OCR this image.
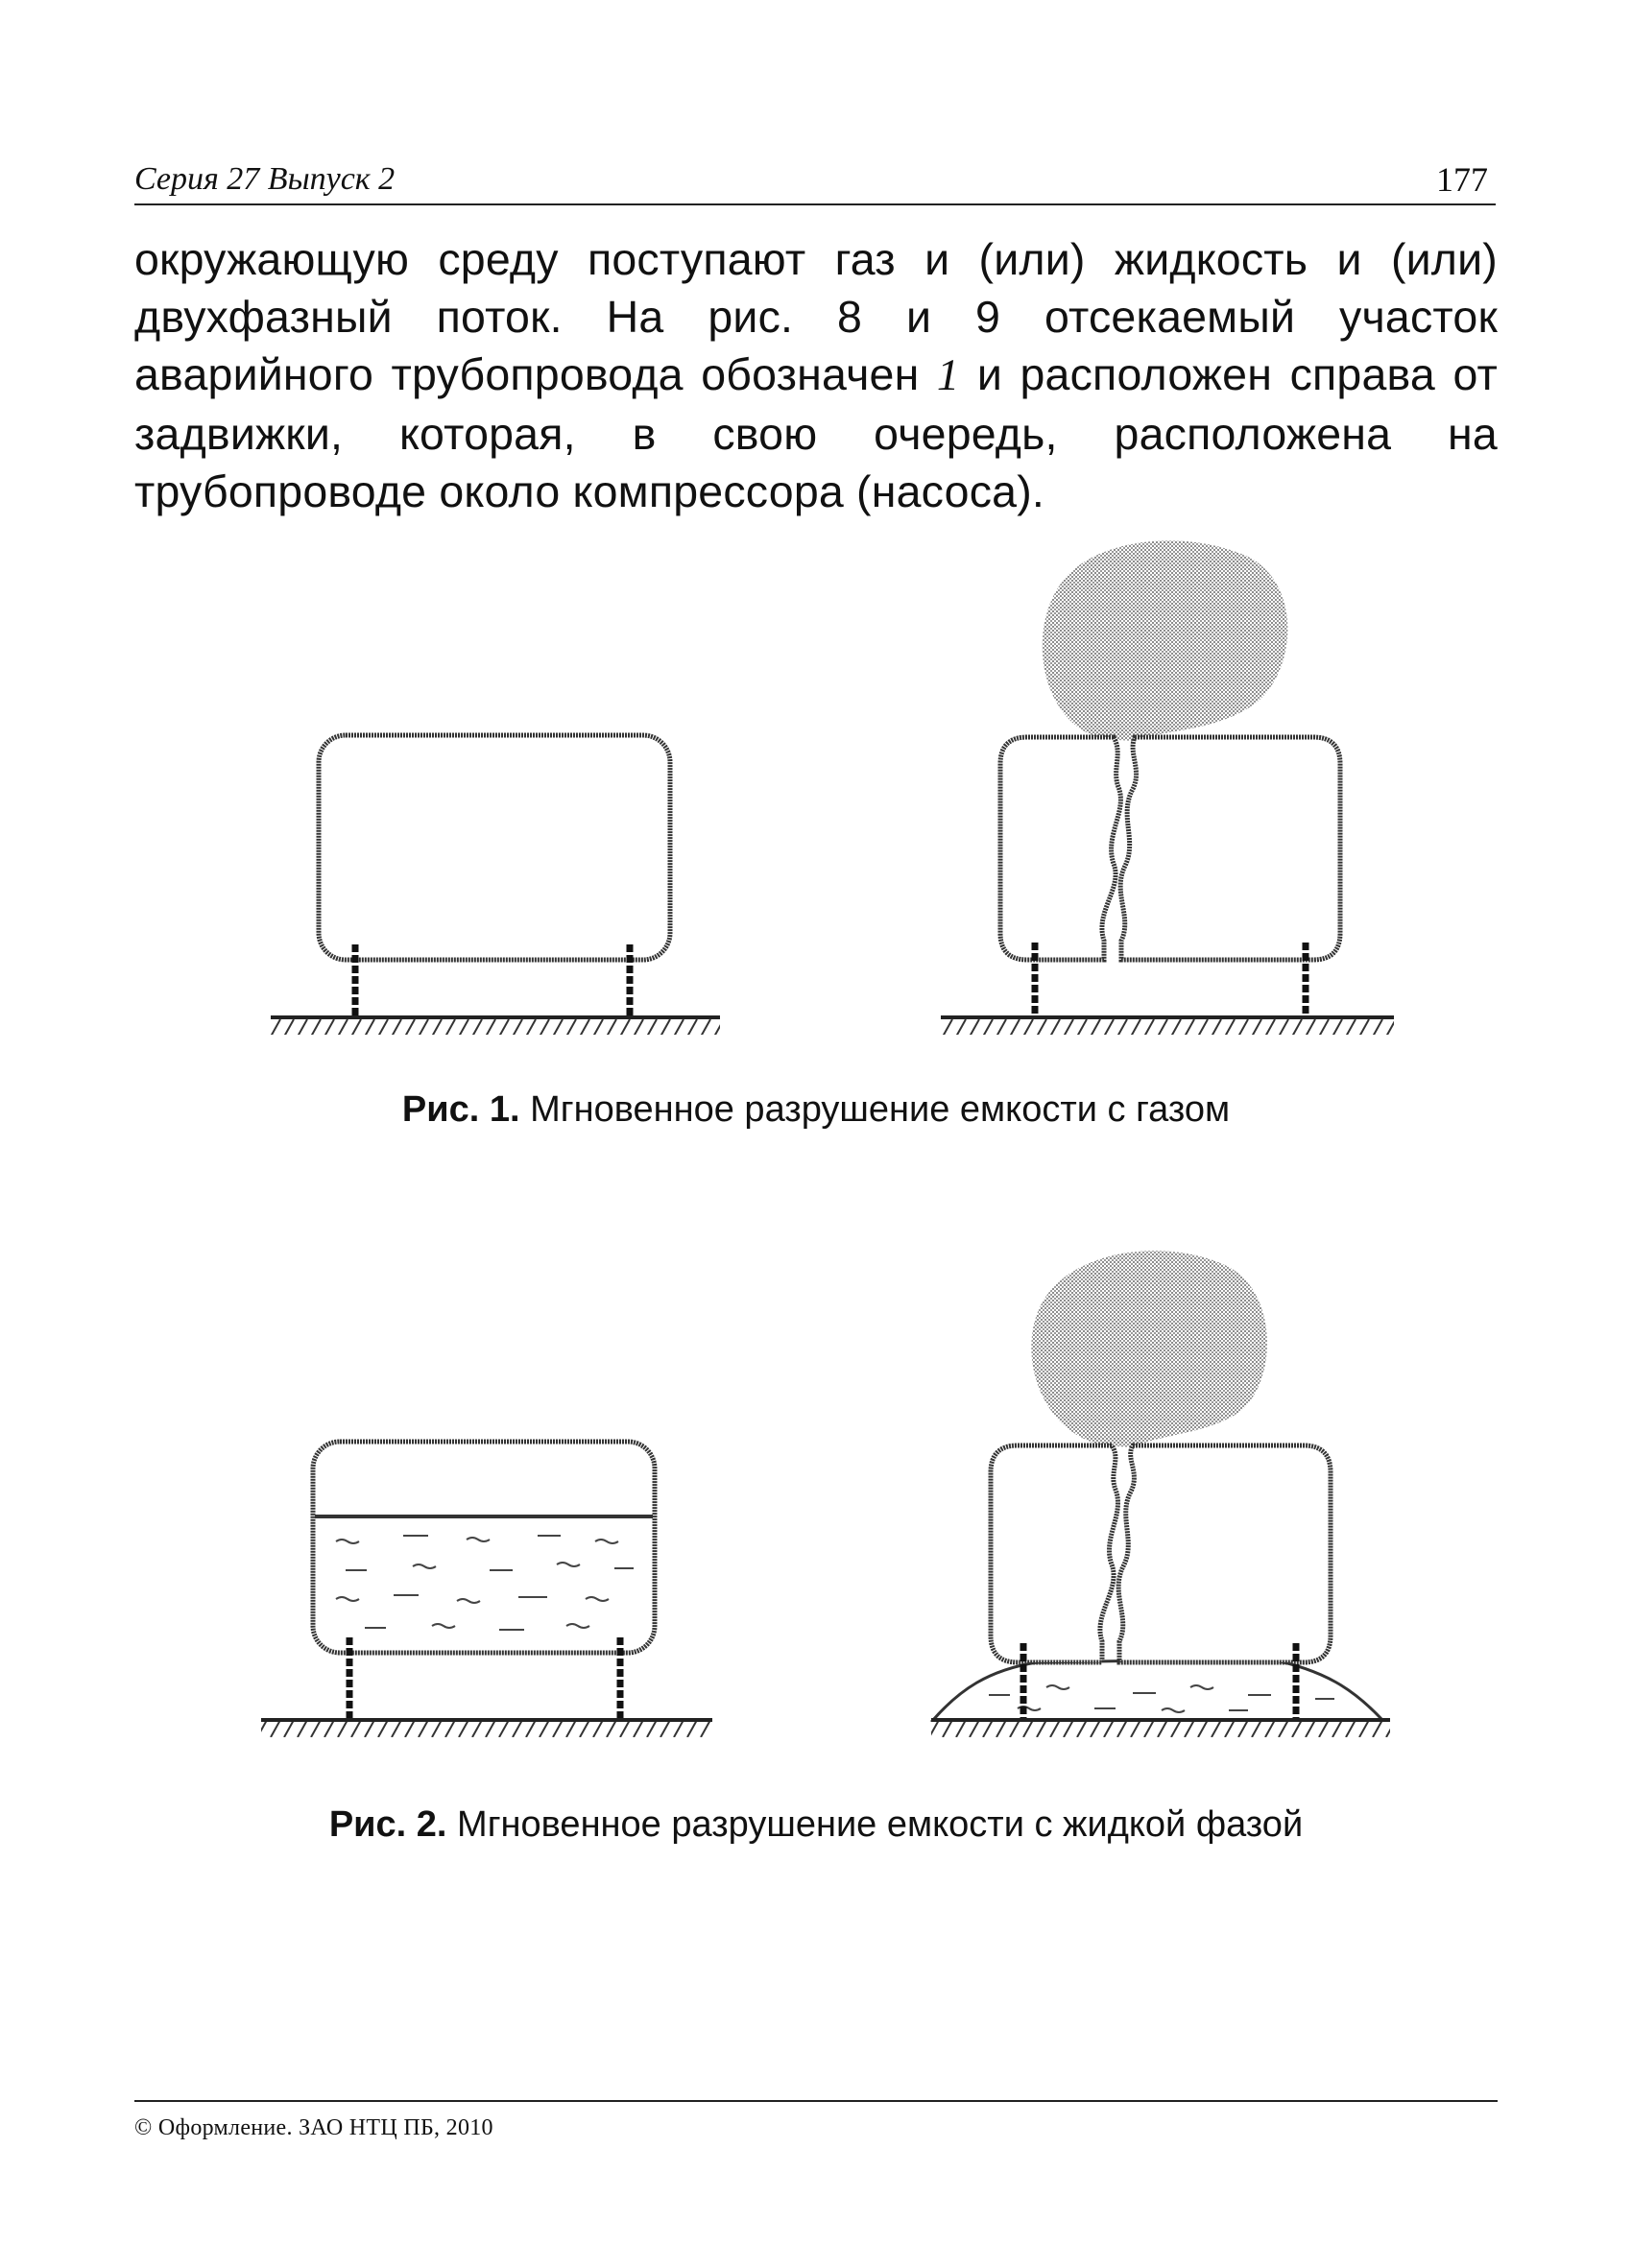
Серия 27 Выпуск 2	177
окружающую среду поступают газ и (или) жидкость и (или) двухфазный поток. На рис. 8 и 9 отсекаемый участок аварийного трубопровода обозначен 1 и расположен справа от задвижки, которая, в свою очередь, расположена на трубопроводе около компрессора (насоса).
Рис. 1. Мгновенное разрушение емкости с газом
Рис. 2. Мгновенное разрушение емкости с жидкой фазой
© Оформление. ЗАО НТЦ ПБ, 2010
